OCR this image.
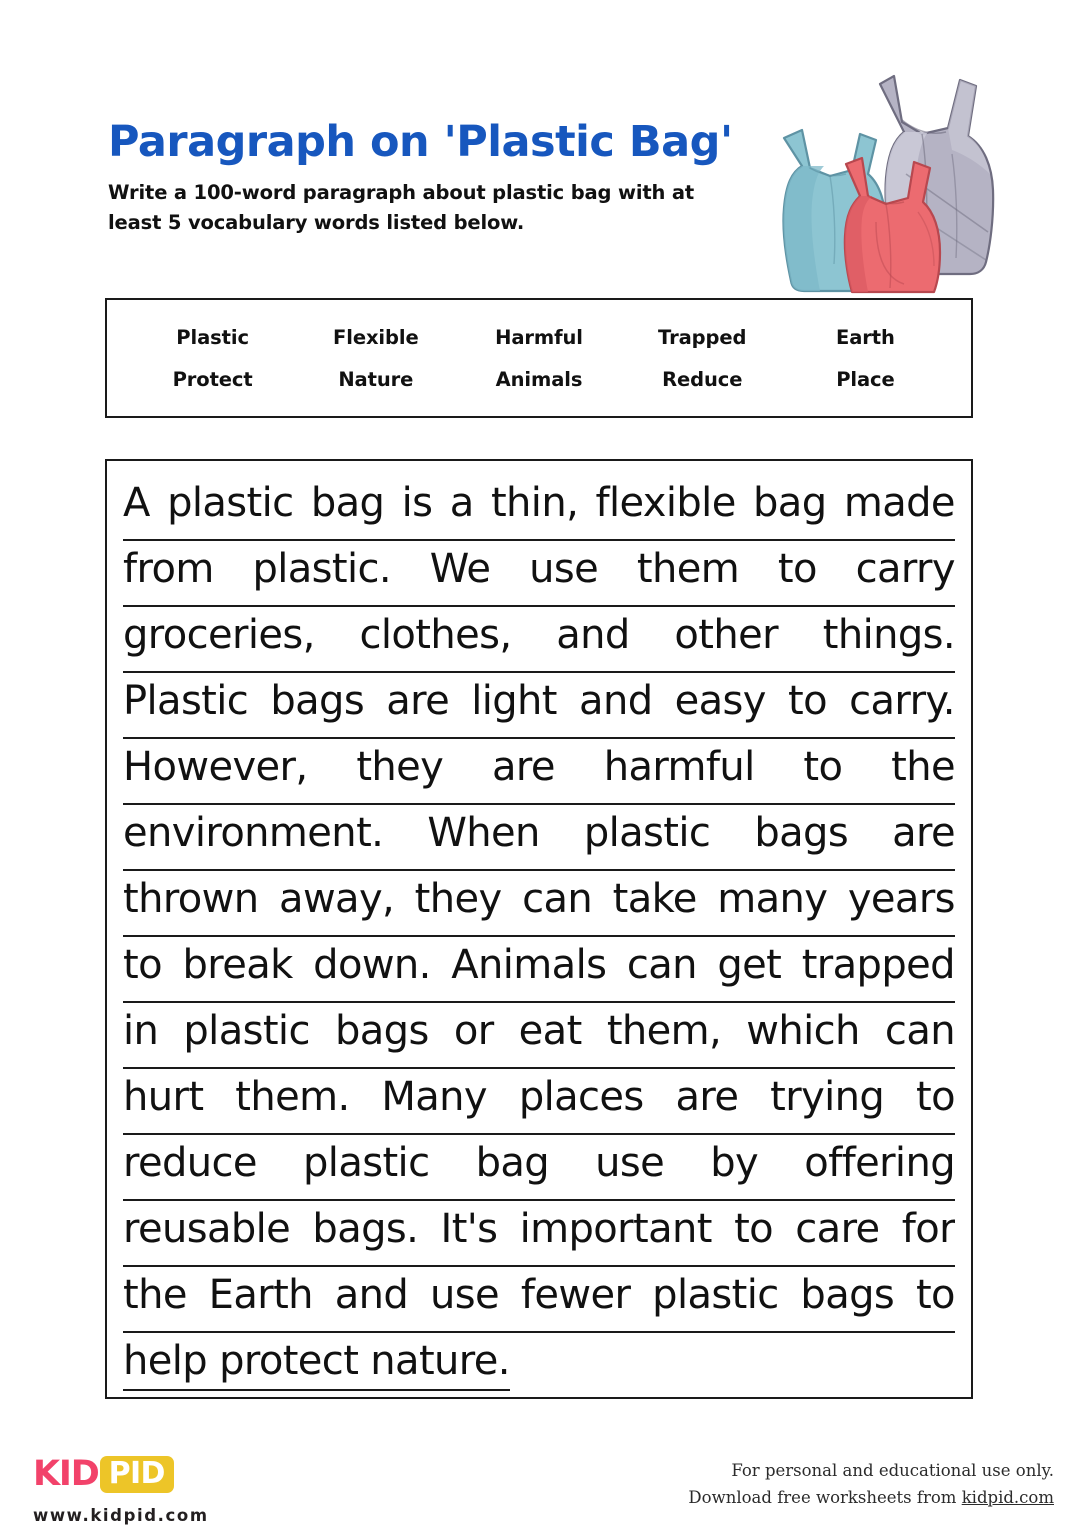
Paragraph on 'Plastic Bag'
Write a 100-word paragraph about plastic bag with at least 5 vocabulary words listed below.
Plastic	Flexible	Harmful	Trapped	Earth
Protect	Nature	Animals	Reduce	Place
A plastic bag is a thin, flexible bag made
from plastic. We use them to carry
groceries, clothes, and other things.
Plastic bags are light and easy to carry.
However, they are harmful to the
environment. When plastic bags are
thrown away, they can take many years
to break down. Animals can get trapped
in plastic bags or eat them, which can
hurt them. Many places are trying to
reduce plastic bag use by offering
reusable bags. It's important to care for
the Earth and use fewer plastic bags to
help protect nature.
KID PID
www.kidpid.com
For personal and educational use only.
Download free worksheets from kidpid.com
